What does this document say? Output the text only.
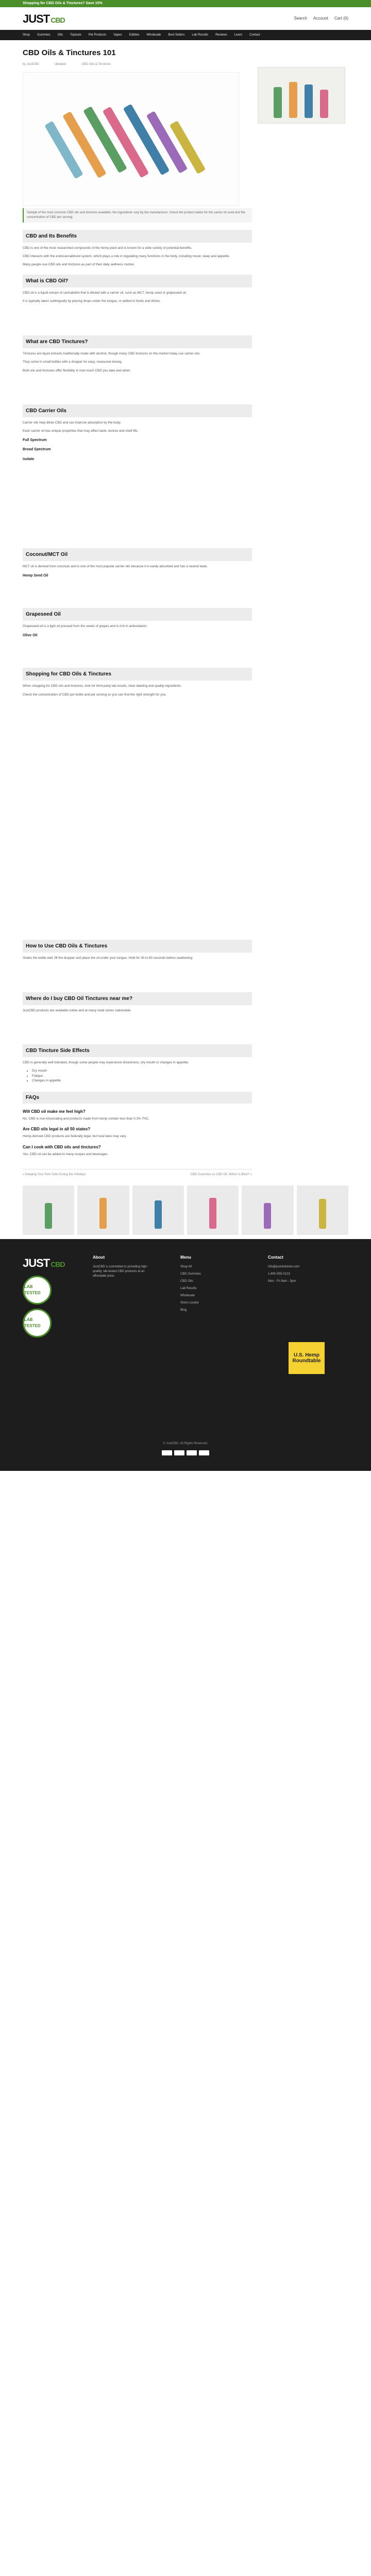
Shopping for CBD Oils & Tinctures? Save 15%
JUST CBD	Search Account Cart (0)
Shop Gummies Oils Topicals Pet Products Vapes Edibles Wholesale Best Sellers Lab Results Reviews Learn Contact
CBD Oils & Tinctures 101
by JustCBD	Updated	CBD Oils & Tinctures
Sample of the most common CBD oils and tinctures available; the ingredients vary by the manufacturer. Check the product labels for the carrier oil used and the concentration of CBD per serving.
CBD and Its Benefits

CBD is one of the most researched compounds of the hemp plant and is known for a wide variety of potential benefits.

CBD interacts with the endocannabinoid system, which plays a role in regulating many functions in the body, including mood, sleep and appetite.

Many people use CBD oils and tinctures as part of their daily wellness routine.

What is CBD Oil?

CBD oil is a liquid extract of cannabidiol that is diluted with a carrier oil, such as MCT, hemp seed or grapeseed oil.

It is typically taken sublingually by placing drops under the tongue, or added to foods and drinks.

What are CBD Tinctures?

Tinctures are liquid extracts traditionally made with alcohol, though many CBD tinctures on the market today use carrier oils.

They come in small bottles with a dropper for easy, measured dosing.

Both oils and tinctures offer flexibility in how much CBD you take and when.

CBD Carrier Oils

Carrier oils help dilute CBD and can improve absorption by the body.

Each carrier oil has unique properties that may affect taste, texture and shelf life.

Full Spectrum
Broad Spectrum
Isolate
Coconut/MCT Oil

MCT oil is derived from coconuts and is one of the most popular carrier oils because it is easily absorbed and has a neutral taste.

Hemp Seed Oil
Grapeseed Oil

Grapeseed oil is a light oil pressed from the seeds of grapes and is rich in antioxidants.

Olive Oil
Shopping for CBD Oils & Tinctures

When shopping for CBD oils and tinctures, look for third-party lab results, clear labeling and quality ingredients.

Check the concentration of CBD per bottle and per serving so you can find the right strength for you.

How to Use CBD Oils & Tinctures

Shake the bottle well, fill the dropper and place the oil under your tongue. Hold for 30 to 60 seconds before swallowing.

Where do I buy CBD Oil Tinctures near me?

JustCBD products are available online and at many retail stores nationwide.

CBD Tincture Side Effects

CBD is generally well tolerated, though some people may experience drowsiness, dry mouth or changes in appetite.

• Dry mouth
• Fatigue
• Changes in appetite
FAQs
Will CBD oil make me feel high?

No. CBD is non-intoxicating and products made from hemp contain less than 0.3% THC.

Are CBD oils legal in all 50 states?

Hemp-derived CBD products are federally legal, but local laws may vary.

Can I cook with CBD oils and tinctures?

Yes, CBD oil can be added to many recipes and beverages.

« Keeping Your Pets Safe During the Holidays	CBD Gummies vs CBD Oil: Which Is Best? »
JUST CBD
LAB TESTED
LAB TESTED
About
JustCBD is committed to providing high-quality, lab-tested CBD products at an affordable price.
Menu
Shop All
CBD Gummies
CBD Oils
Lab Results
Wholesale
Store Locator
Blog
Contact
info@justcbdstore.com
1-800-555-0123
Mon - Fri 9am - 5pm
U.S. Hemp Roundtable
© JustCBD. All Rights Reserved.
